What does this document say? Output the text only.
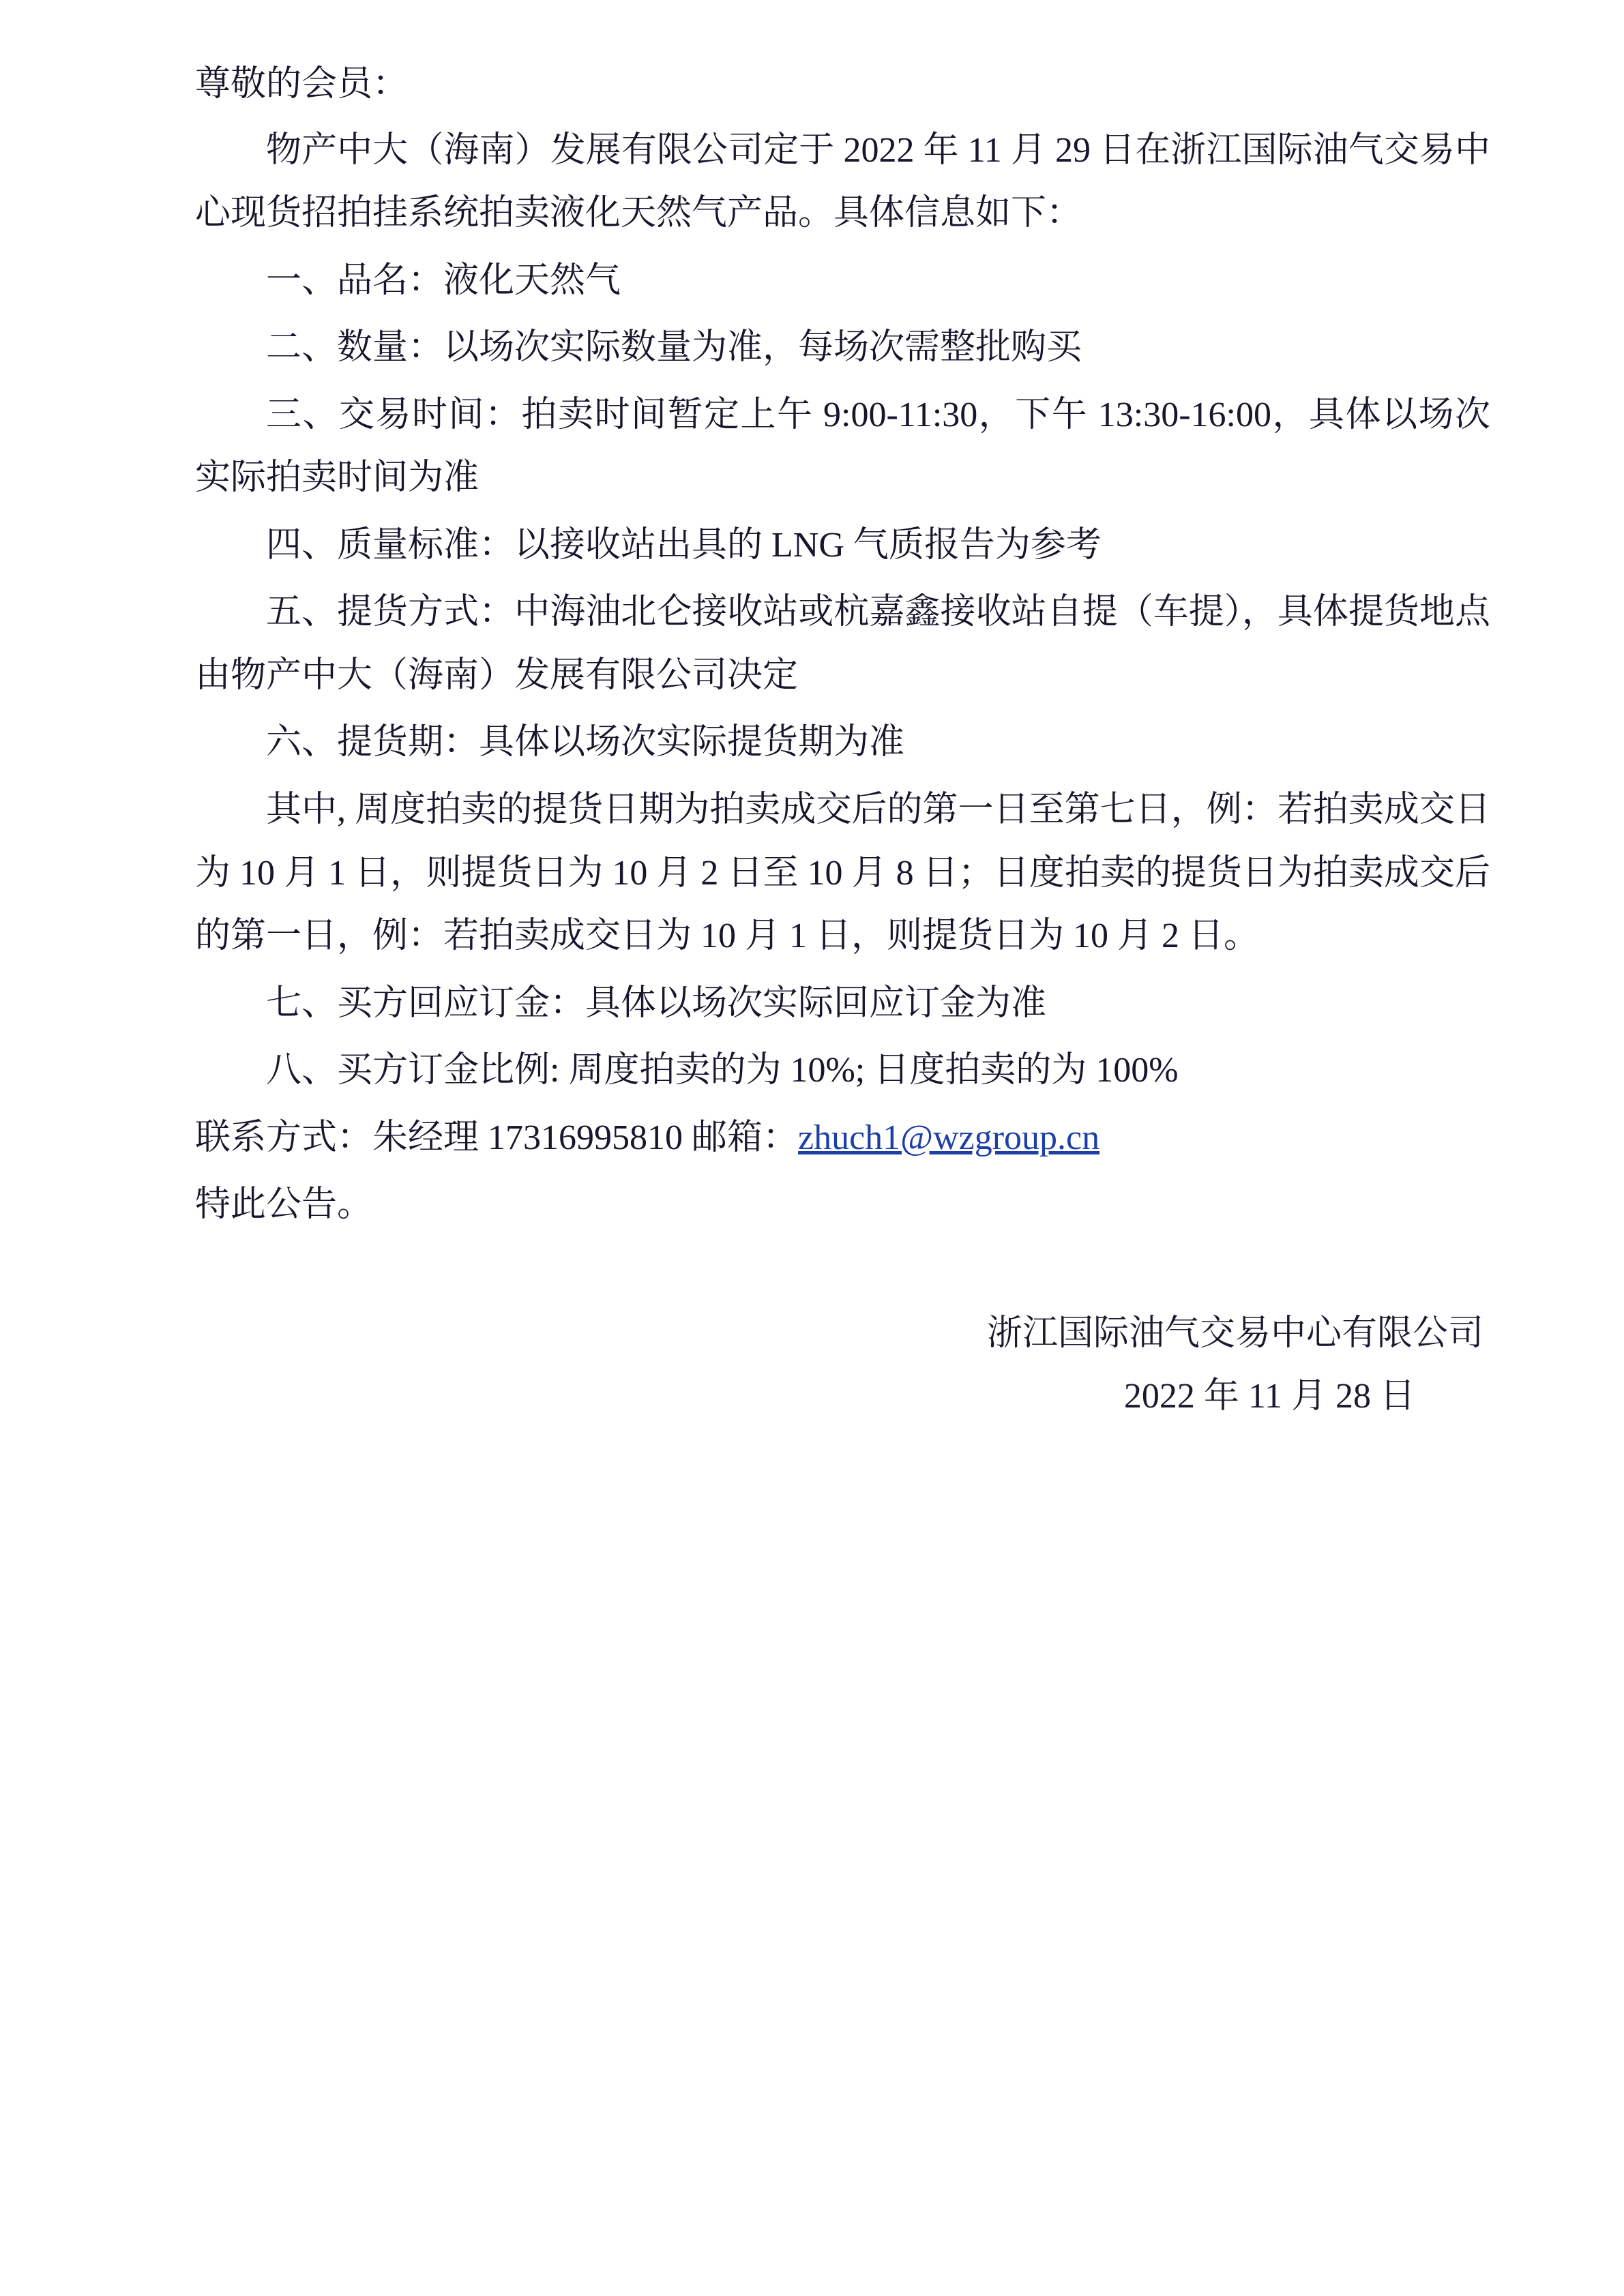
尊敬的会员：

物产中大（海南）发展有限公司定于 2022 年 11 月 29 日在浙江国际油气交易中心现货招拍挂系统拍卖液化天然气产品。具体信息如下：

一、品名：液化天然气

二、数量：以场次实际数量为准，每场次需整批购买

三、交易时间：拍卖时间暂定上午 9:00-11:30，下午 13:30-16:00，具体以场次实际拍卖时间为准

四、质量标准：以接收站出具的 LNG 气质报告为参考

五、提货方式：中海油北仑接收站或杭嘉鑫接收站自提（车提），具体提货地点由物产中大（海南）发展有限公司决定

六、提货期：具体以场次实际提货期为准

其中, 周度拍卖的提货日期为拍卖成交后的第一日至第七日，例：若拍卖成交日为 10 月 1 日，则提货日为 10 月 2 日至 10 月 8 日；日度拍卖的提货日为拍卖成交后的第一日，例：若拍卖成交日为 10 月 1 日，则提货日为 10 月 2 日。

七、买方回应订金：具体以场次实际回应订金为准

八、买方订金比例: 周度拍卖的为 10%; 日度拍卖的为 100%

联系方式：朱经理 17316995810 邮箱：zhuch1@wzgroup.cn

特此公告。

浙江国际油气交易中心有限公司

2022 年 11 月 28 日
